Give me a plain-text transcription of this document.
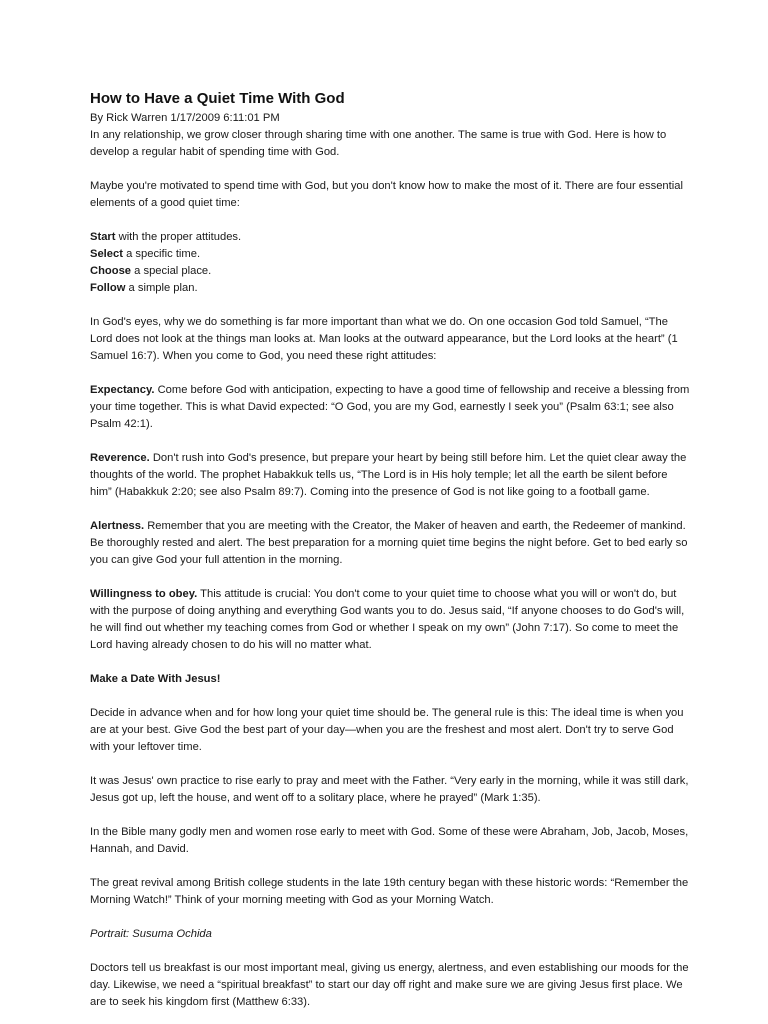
How to Have a Quiet Time With God

By Rick Warren 1/17/2009 6:11:01 PM

In any relationship, we grow closer through sharing time with one another. The same is true with God. Here is how to develop a regular habit of spending time with God.

Maybe you're motivated to spend time with God, but you don't know how to make the most of it. There are four essential elements of a good quiet time:

Start with the proper attitudes.

Select a specific time.

Choose a special place.

Follow a simple plan.

In God's eyes, why we do something is far more important than what we do. On one occasion God told Samuel, “The Lord does not look at the things man looks at. Man looks at the outward appearance, but the Lord looks at the heart” (1 Samuel 16:7). When you come to God, you need these right attitudes:

Expectancy. Come before God with anticipation, expecting to have a good time of fellowship and receive a blessing from your time together. This is what David expected: “O God, you are my God, earnestly I seek you” (Psalm 63:1; see also Psalm 42:1).

Reverence. Don't rush into God's presence, but prepare your heart by being still before him. Let the quiet clear away the thoughts of the world. The prophet Habakkuk tells us, “The Lord is in His holy temple; let all the earth be silent before him” (Habakkuk 2:20; see also Psalm 89:7). Coming into the presence of God is not like going to a football game.

Alertness. Remember that you are meeting with the Creator, the Maker of heaven and earth, the Redeemer of mankind. Be thoroughly rested and alert. The best preparation for a morning quiet time begins the night before. Get to bed early so you can give God your full attention in the morning.

Willingness to obey. This attitude is crucial: You don't come to your quiet time to choose what you will or won't do, but with the purpose of doing anything and everything God wants you to do. Jesus said, “If anyone chooses to do God's will, he will find out whether my teaching comes from God or whether I speak on my own” (John 7:17). So come to meet the Lord having already chosen to do his will no matter what.

Make a Date With Jesus!

Decide in advance when and for how long your quiet time should be. The general rule is this: The ideal time is when you are at your best. Give God the best part of your day—when you are the freshest and most alert. Don't try to serve God with your leftover time.

It was Jesus' own practice to rise early to pray and meet with the Father. “Very early in the morning, while it was still dark, Jesus got up, left the house, and went off to a solitary place, where he prayed” (Mark 1:35).

In the Bible many godly men and women rose early to meet with God. Some of these were Abraham, Job, Jacob, Moses, Hannah, and David.

The great revival among British college students in the late 19th century began with these historic words: “Remember the Morning Watch!” Think of your morning meeting with God as your Morning Watch.

Portrait: Susuma Ochida

Doctors tell us breakfast is our most important meal, giving us energy, alertness, and even establishing our moods for the day. Likewise, we need a “spiritual breakfast” to start our day off right and make sure we are giving Jesus first place. We are to seek his kingdom first (Matthew 6:33).
